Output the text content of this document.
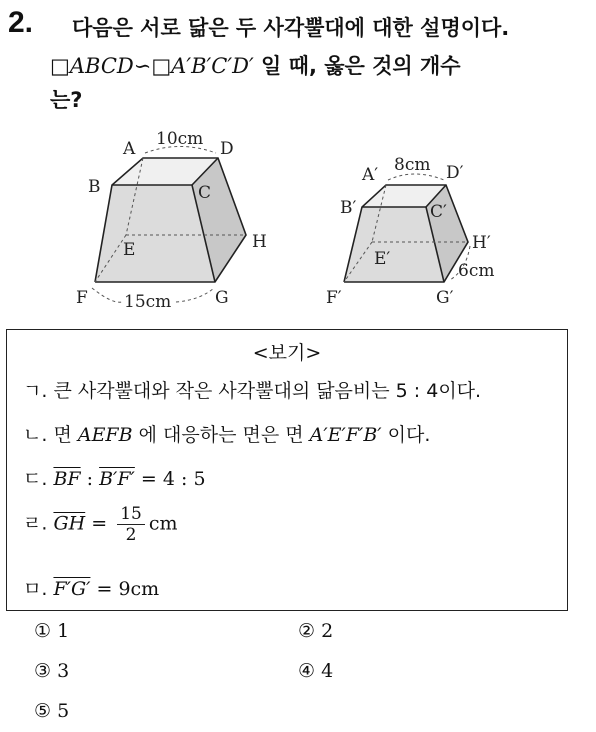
2. 다음은 서로 닮은 두 사각뿔대에 대한 설명이다.
□ABCD∽□A′B′C′D′ 일 때, 옳은 것의 개수
는?
A
B	C
D
E
F	G
H
10cm
15cm
A′
B′	C′
D′
E′
F′	G′
H′
8cm
6cm
<보기>
ㄱ. 큰 사각뿔대와 작은 사각뿔대의 닮음비는 5 : 4이다.
ㄴ. 면 AEFB 에 대응하는 면은 면 A′E′F′B′ 이다.
ㄷ. $\overline{BF}$ : B′F′ = 4 : 5
ㄹ. $\overline{GH} = \frac{15}{2}$ cm
ㅁ. F′G′ = 9cm
① 1	② 2
③ 3	④ 4
⑤ 5
